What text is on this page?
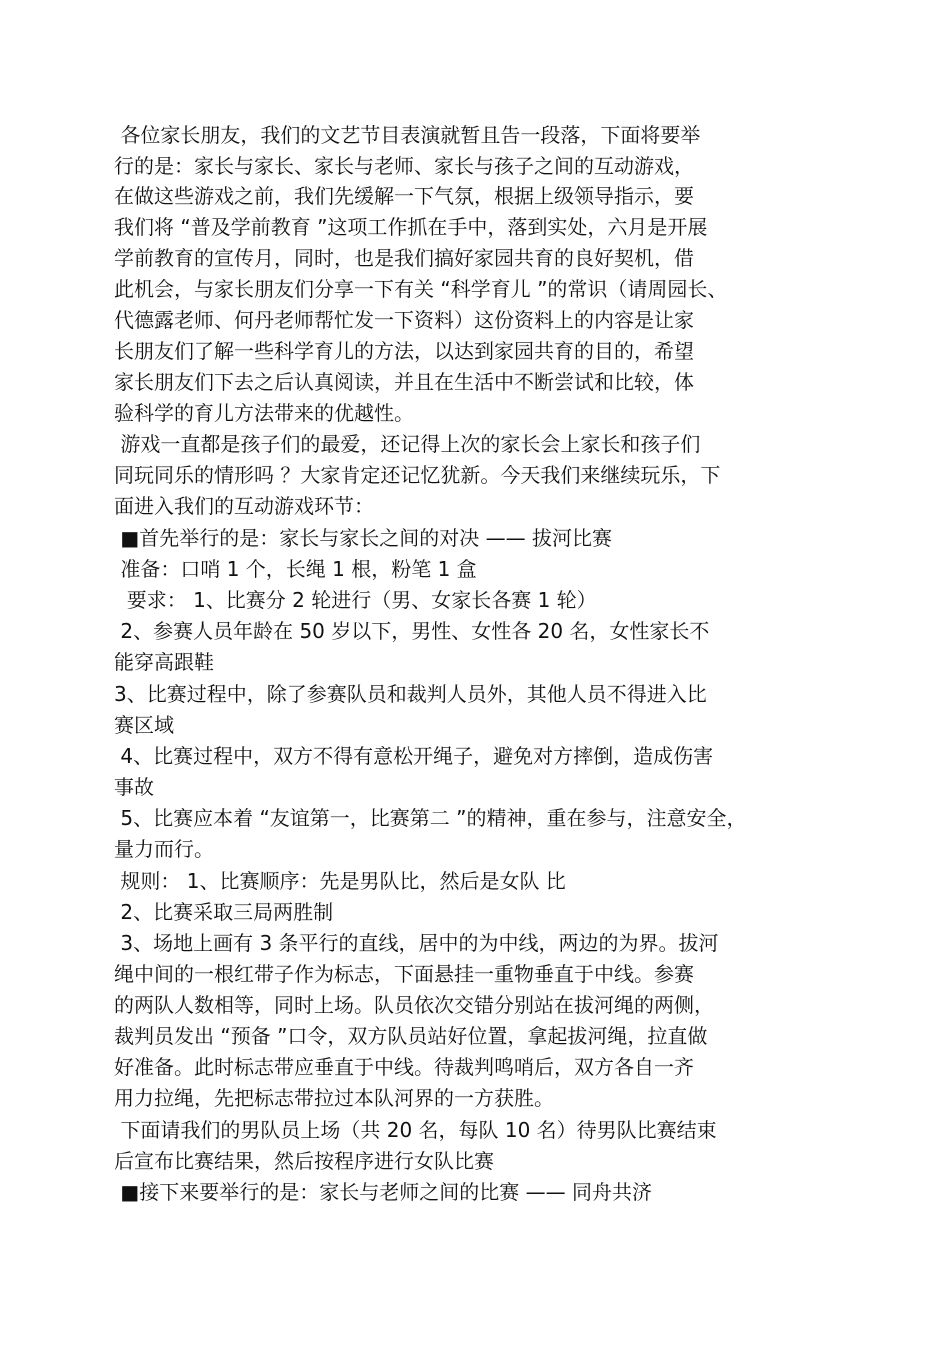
各位家长朋友，我们的文艺节目表演就暂且告一段落，下面将要举
行的是：家长与家长、家长与老师、家长与孩子之间的互动游戏，
在做这些游戏之前，我们先缓解一下气氛，根据上级领导指示，要
我们将 “普及学前教育 ”这项工作抓在手中，落到实处，六月是开展
学前教育的宣传月，同时，也是我们搞好家园共育的良好契机，借
此机会，与家长朋友们分享一下有关 “科学育儿 ”的常识（请周园长、
代德露老师、何丹老师帮忙发一下资料）这份资料上的内容是让家
长朋友们了解一些科学育儿的方法，以达到家园共育的目的，希望
家长朋友们下去之后认真阅读，并且在生活中不断尝试和比较，体
验科学的育儿方法带来的优越性。
游戏一直都是孩子们的最爱，还记得上次的家长会上家长和孩子们
同玩同乐的情形吗 ？大家肯定还记忆犹新。今天我们来继续玩乐，下
面进入我们的互动游戏环节：
■首先举行的是：家长与家长之间的对决 —— 拔河比赛
准备：口哨 1 个，长绳 1 根，粉笔 1 盒
要求： 1、比赛分 2 轮进行（男、女家长各赛 1 轮）
2、参赛人员年龄在 50 岁以下，男性、女性各 20 名，女性家长不
能穿高跟鞋
3、比赛过程中，除了参赛队员和裁判人员外，其他人员不得进入比
赛区域
4、比赛过程中，双方不得有意松开绳子，避免对方摔倒，造成伤害
事故
5、比赛应本着 “友谊第一，比赛第二 ”的精神，重在参与，注意安全，
量力而行。
规则： 1、比赛顺序：先是男队比，然后是女队 比
2、比赛采取三局两胜制
3、场地上画有 3 条平行的直线，居中的为中线，两边的为界。拔河
绳中间的一根红带子作为标志，下面悬挂一重物垂直于中线。参赛
的两队人数相等，同时上场。队员依次交错分别站在拔河绳的两侧，
裁判员发出 “预备 ”口令，双方队员站好位置，拿起拔河绳，拉直做
好准备。此时标志带应垂直于中线。待裁判鸣哨后，双方各自一齐
用力拉绳，先把标志带拉过本队河界的一方获胜。
下面请我们的男队员上场（共 20 名，每队 10 名）待男队比赛结束
后宣布比赛结果，然后按程序进行女队比赛
■接下来要举行的是：家长与老师之间的比赛 —— 同舟共济
